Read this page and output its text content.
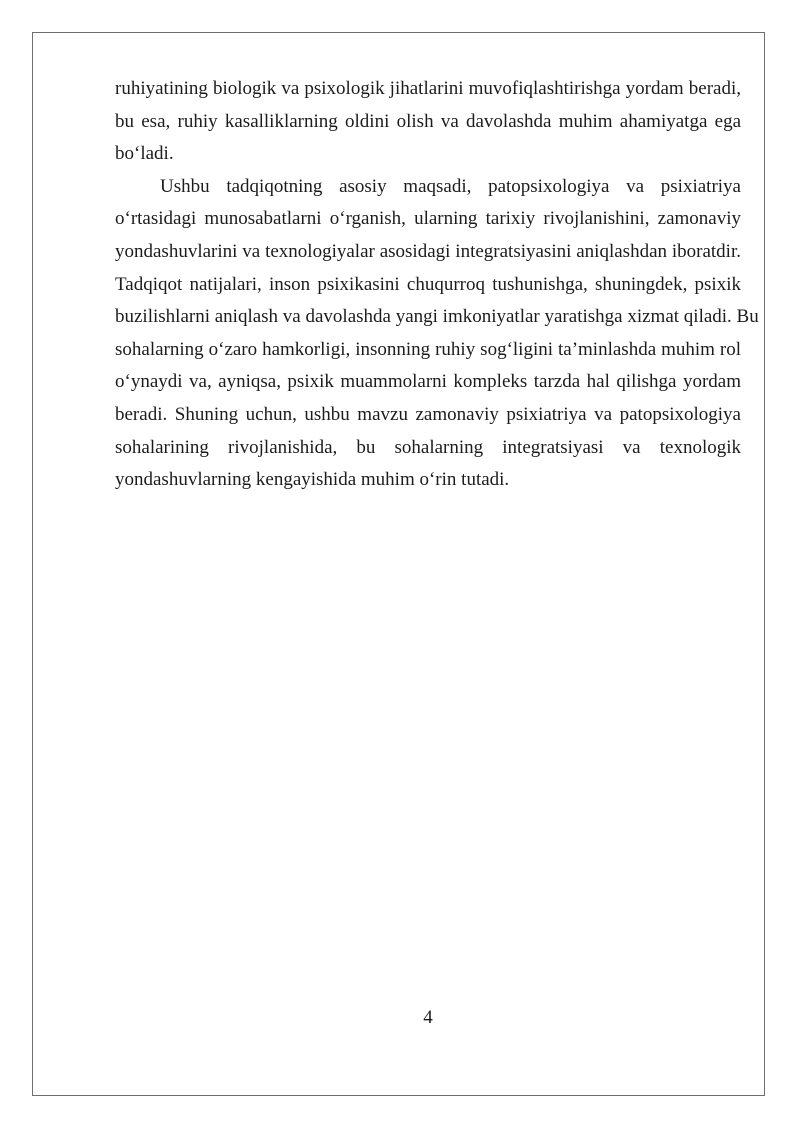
ruhiyatining biologik va psixologik jihatlarini muvofiqlashtirishga yordam beradi,
bu esa, ruhiy kasalliklarning oldini olish va davolashda muhim ahamiyatga ega
bo‘ladi.
Ushbu tadqiqotning asosiy maqsadi, patopsixologiya va psixiatriya
o‘rtasidagi munosabatlarni o‘rganish, ularning tarixiy rivojlanishini, zamonaviy
yondashuvlarini va texnologiyalar asosidagi integratsiyasini aniqlashdan iboratdir.
Tadqiqot natijalari, inson psixikasini chuqurroq tushunishga, shuningdek, psixik
buzilishlarni aniqlash va davolashda yangi imkoniyatlar yaratishga xizmat qiladi. Bu
sohalarning o‘zaro hamkorligi, insonning ruhiy sog‘ligini ta’minlashda muhim rol
o‘ynaydi va, ayniqsa, psixik muammolarni kompleks tarzda hal qilishga yordam
beradi. Shuning uchun, ushbu mavzu zamonaviy psixiatriya va patopsixologiya
sohalarining rivojlanishida, bu sohalarning integratsiyasi va texnologik
yondashuvlarning kengayishida muhim o‘rin tutadi.
4
